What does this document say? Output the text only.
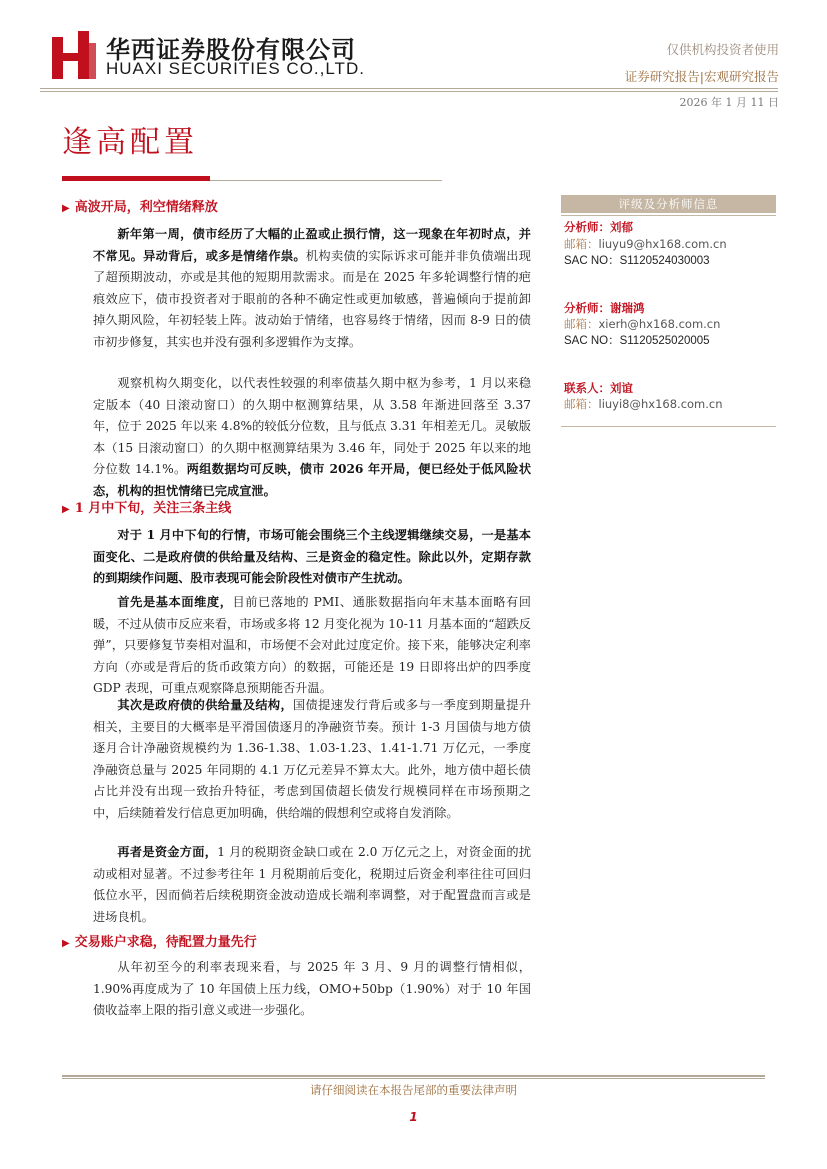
华西证券股份有限公司
HUAXI SECURITIES CO.,LTD.
仅供机构投资者使用
证券研究报告|宏观研究报告
2026 年 1 月 11 日
逢高配置
▶ 高波开局，利空情绪释放
新年第一周，债市经历了大幅的止盈或止损行情，这一现象在年初时点，并不常见。异动背后，或多是情绪作祟。机构卖债的实际诉求可能并非负债端出现了超预期波动，亦或是其他的短期用款需求。而是在 2025 年多轮调整行情的疤痕效应下，债市投资者对于眼前的各种不确定性或更加敏感，普遍倾向于提前卸掉久期风险，年初轻装上阵。波动始于情绪，也容易终于情绪，因而 8-9 日的债市初步修复，其实也并没有强利多逻辑作为支撑。
观察机构久期变化，以代表性较强的利率债基久期中枢为参考，1 月以来稳定版本（40 日滚动窗口）的久期中枢测算结果，从 3.58 年渐进回落至 3.37 年，位于 2025 年以来 4.8%的较低分位数，且与低点 3.31 年相差无几。灵敏版本（15 日滚动窗口）的久期中枢测算结果为 3.46 年，同处于 2025 年以来的地分位数 14.1%。两组数据均可反映，债市 2026 年开局，便已经处于低风险状态，机构的担忧情绪已完成宣泄。
▶ 1 月中下旬，关注三条主线
对于 1 月中下旬的行情，市场可能会围绕三个主线逻辑继续交易，一是基本面变化、二是政府债的供给量及结构、三是资金的稳定性。除此以外，定期存款的到期续作问题、股市表现可能会阶段性对债市产生扰动。
首先是基本面维度，目前已落地的 PMI、通胀数据指向年末基本面略有回暖，不过从债市反应来看，市场或多将 12 月变化视为 10-11 月基本面的“超跌反弹”，只要修复节奏相对温和，市场便不会对此过度定价。接下来，能够决定利率方向（亦或是背后的货币政策方向）的数据，可能还是 19 日即将出炉的四季度 GDP 表现，可重点观察降息预期能否升温。
其次是政府债的供给量及结构，国债提速发行背后或多与一季度到期量提升相关，主要目的大概率是平滑国债逐月的净融资节奏。预计 1-3 月国债与地方债逐月合计净融资规模约为 1.36-1.38、1.03-1.23、1.41-1.71 万亿元，一季度净融资总量与 2025 年同期的 4.1 万亿元差异不算太大。此外，地方债中超长债占比并没有出现一致抬升特征，考虑到国债超长债发行规模同样在市场预期之中，后续随着发行信息更加明确，供给端的假想利空或将自发消除。
再者是资金方面，1 月的税期资金缺口或在 2.0 万亿元之上，对资金面的扰动或相对显著。不过参考往年 1 月税期前后变化，税期过后资金利率往往可回归低位水平，因而倘若后续税期资金波动造成长端利率调整，对于配置盘而言或是进场良机。
▶ 交易账户求稳，待配置力量先行
从年初至今的利率表现来看，与 2025 年 3 月、9 月的调整行情相似，1.90%再度成为了 10 年国债上压力线，OMO+50bp（1.90%）对于 10 年国债收益率上限的指引意义或进一步强化。
评级及分析师信息
分析师：刘郁
邮箱：liuyu9@hx168.com.cn
SAC NO：S1120524030003
分析师：谢瑞鸿
邮箱：xierh@hx168.com.cn
SAC NO：S1120525020005
联系人：刘谊
邮箱：liuyi8@hx168.com.cn
请仔细阅读在本报告尾部的重要法律声明
1
